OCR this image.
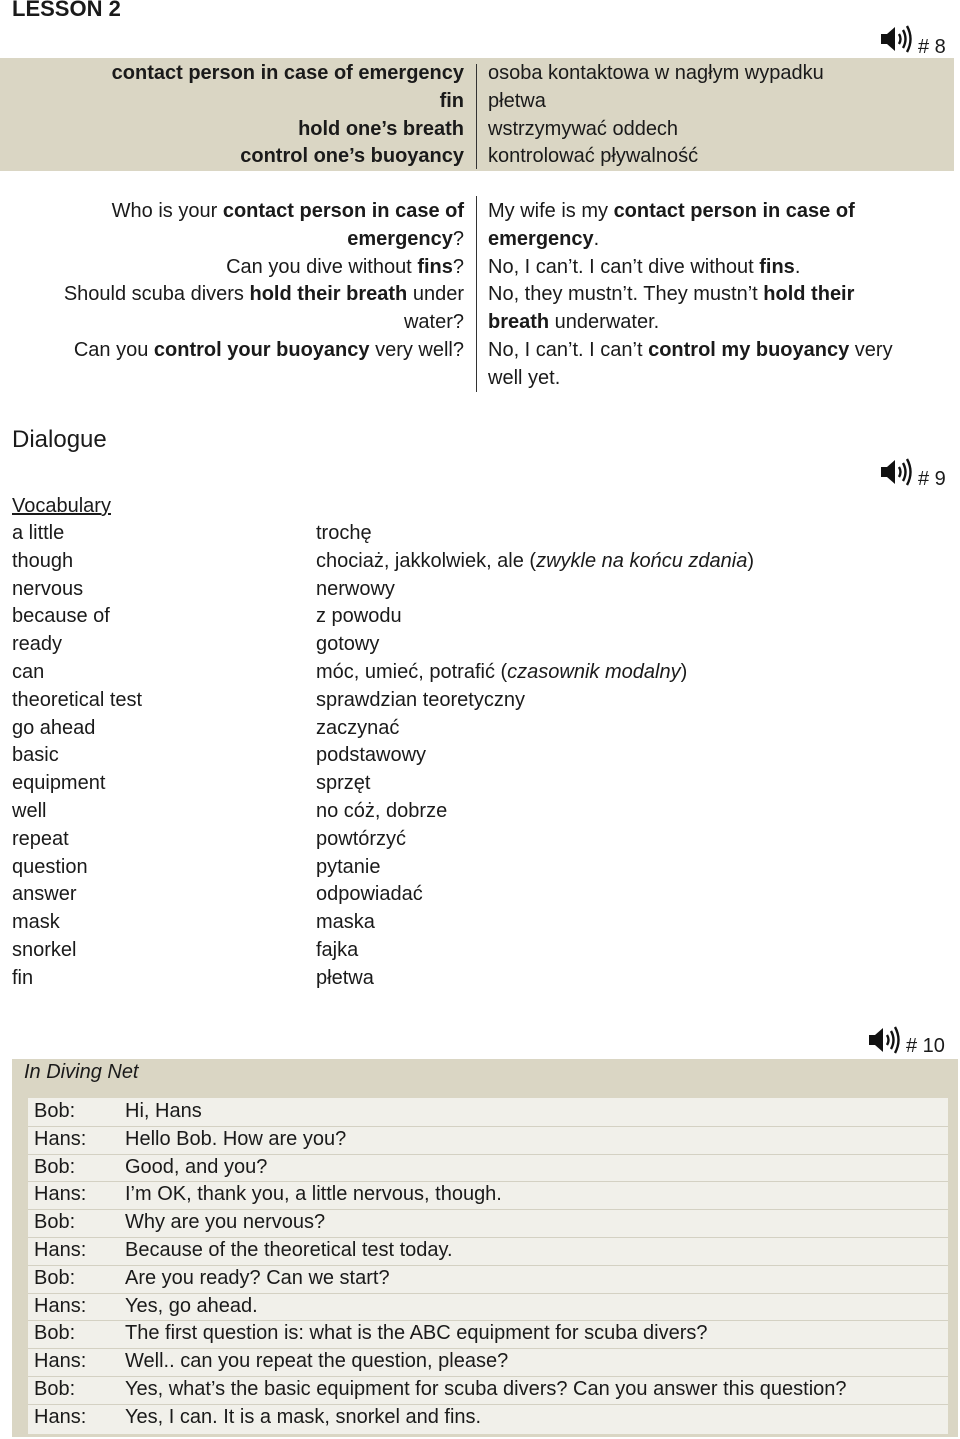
LESSON 2
# 8
contact person in case of emergency
fin
hold one’s breath
control one’s buoyancy
osoba kontaktowa w nagłym wypadku
płetwa
wstrzymywać oddech
kontrolować pływalność
Who is your contact person in case of
emergency?
Can you dive without fins?
Should scuba divers hold their breath under
water?
Can you control your buoyancy very well?
My wife is my contact person in case of
emergency.
No, I can’t. I can’t dive without fins.
No, they mustn’t. They mustn’t hold their
breath underwater.
No, I can’t. I can’t control my buoyancy very
well yet.
Dialogue
# 9
Vocabulary
a little
though
nervous
because of
ready
can
theoretical test
go ahead
basic
equipment
well
repeat
question
answer
mask
snorkel
fin
trochę
chociaż, jakkolwiek, ale (zwykle na końcu zdania)
nerwowy
z powodu
gotowy
móc, umieć, potrafić (czasownik modalny)
sprawdzian teoretyczny
zaczynać
podstawowy
sprzęt
no cóż, dobrze
powtórzyć
pytanie
odpowiadać
maska
fajka
płetwa
# 10
In Diving Net
Bob: Hi, Hans
Hans: Hello Bob. How are you?
Bob: Good, and you?
Hans: I’m OK, thank you, a little nervous, though.
Bob: Why are you nervous?
Hans: Because of the theoretical test today.
Bob: Are you ready? Can we start?
Hans: Yes, go ahead.
Bob: The first question is: what is the ABC equipment for scuba divers?
Hans: Well.. can you repeat the question, please?
Bob: Yes, what’s the basic equipment for scuba divers? Can you answer this question?
Hans: Yes, I can. It is a mask, snorkel and fins.
